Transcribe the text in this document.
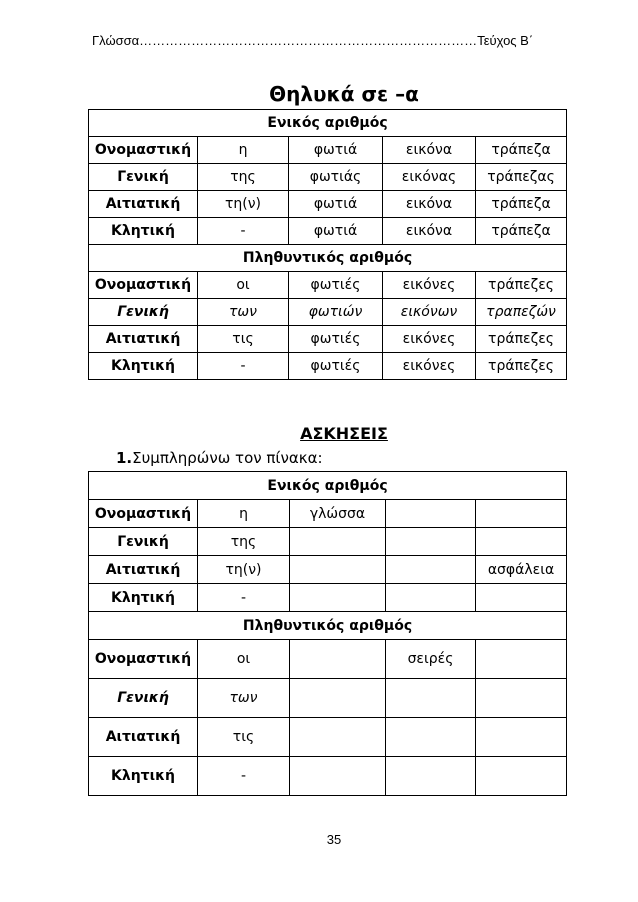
Γλώσσα……………………………………………………………………Τεύχος Β΄
Θηλυκά σε –α
Ενικός αριθμός				
Ονομαστική	η	φωτιά	εικόνα	τράπεζα
Γενική	της	φωτιάς	εικόνας	τράπεζας
Αιτιατική	τη(ν)	φωτιά	εικόνα	τράπεζα
Κλητική	-	φωτιά	εικόνα	τράπεζα
Πληθυντικός αριθμός				
Ονομαστική	οι	φωτιές	εικόνες	τράπεζες
Γενική	των	φωτιών	εικόνων	τραπεζών
Αιτιατική	τις	φωτιές	εικόνες	τράπεζες
Κλητική	-	φωτιές	εικόνες	τράπεζες
ΑΣΚΗΣΕΙΣ
1.Συμπληρώνω τον πίνακα:
Ενικός αριθμός				
Ονομαστική	η	γλώσσα		
Γενική	της			
Αιτιατική	τη(ν)			ασφάλεια
Κλητική	-			
Πληθυντικός αριθμός				
Ονομαστική	οι		σειρές	
Γενική	των			
Αιτιατική	τις			
Κλητική	-			
35
